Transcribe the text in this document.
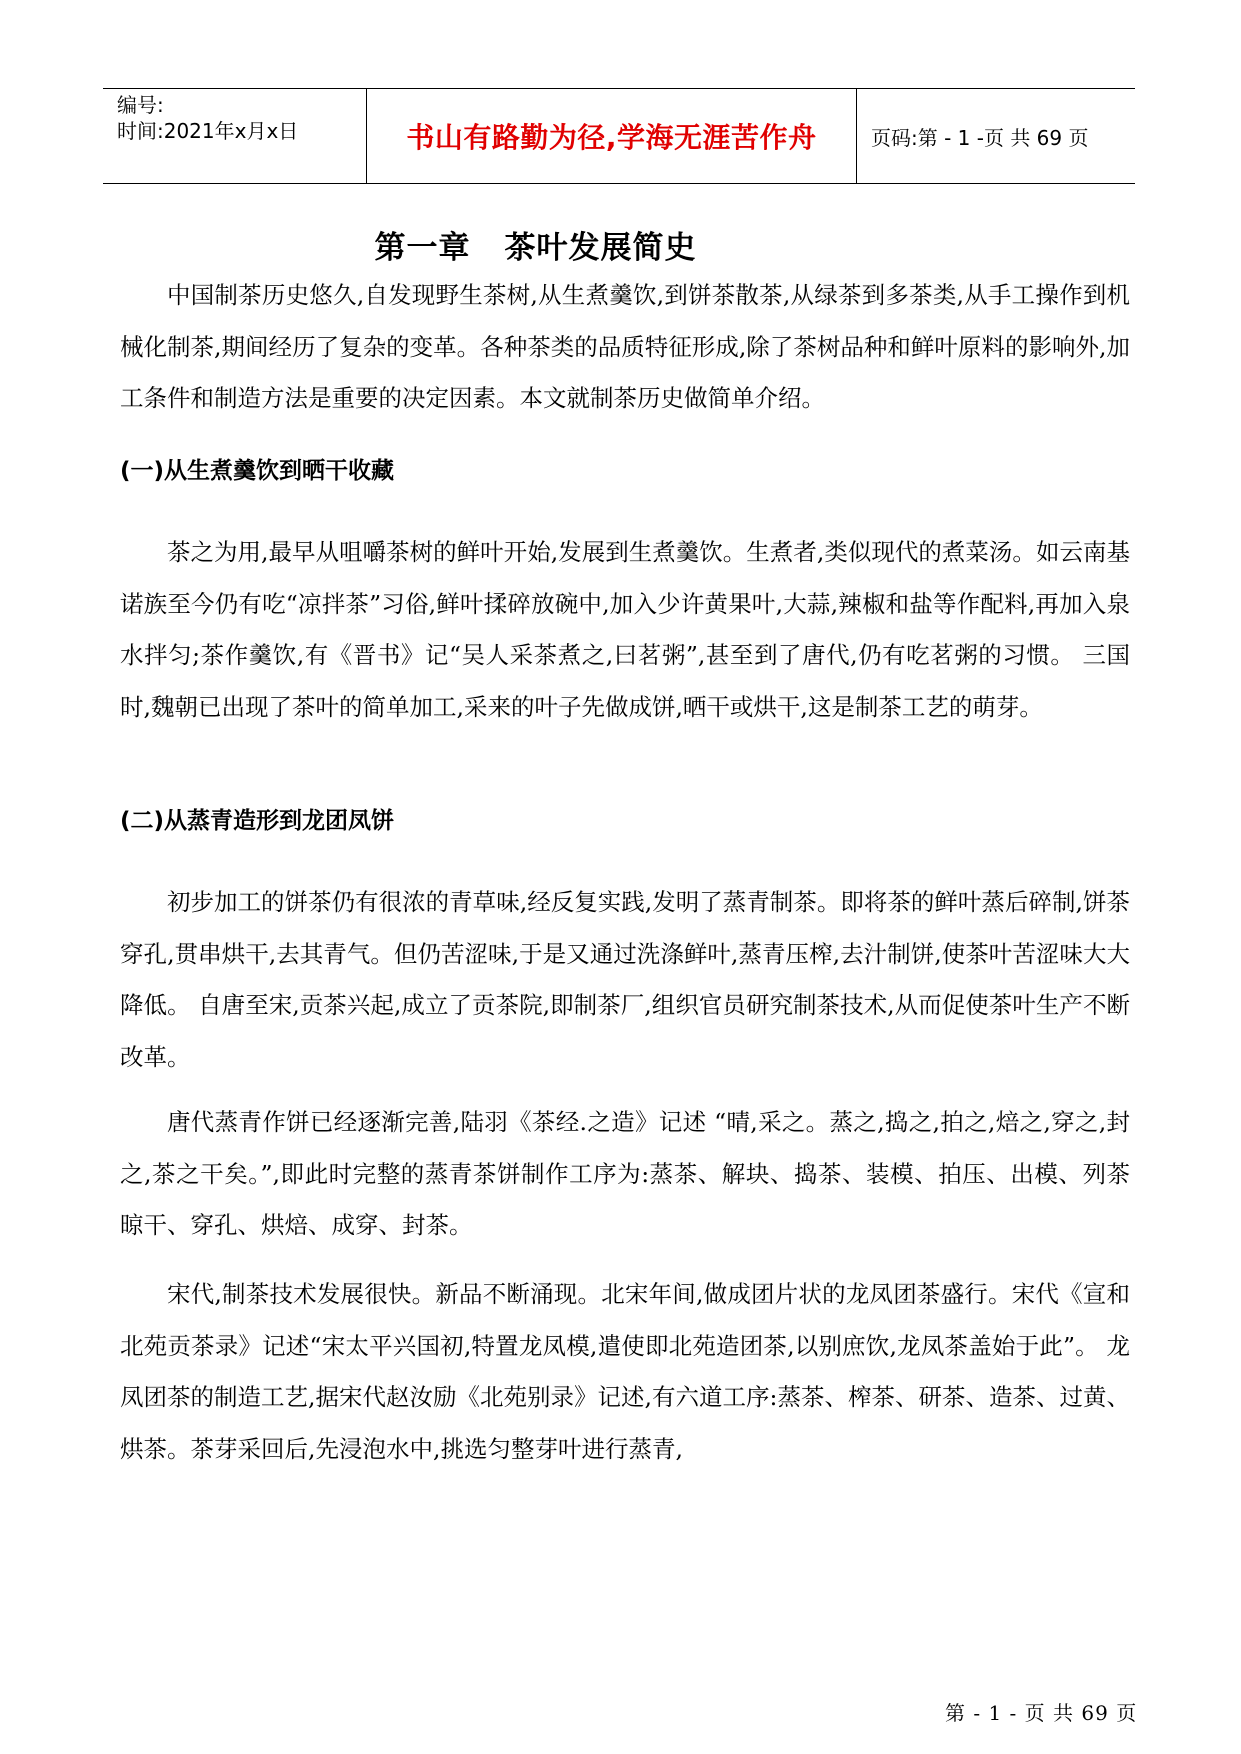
编号:
时间:2021年x月x日	书山有路勤为径,学海无涯苦作舟	页码:第 - 1 -页 共 69 页
第一章 茶叶发展简史

中国制茶历史悠久,自发现野生茶树,从生煮羹饮,到饼茶散茶,从绿茶到多茶类,从手工操作到机械化制茶,期间经历了复杂的变革。各种茶类的品质特征形成,除了茶树品种和鲜叶原料的影响外,加工条件和制造方法是重要的决定因素。本文就制茶历史做简单介绍。

(一)从生煮羹饮到晒干收藏

茶之为用,最早从咀嚼茶树的鲜叶开始,发展到生煮羹饮。生煮者,类似现代的煮菜汤。如云南基诺族至今仍有吃“凉拌茶”习俗,鲜叶揉碎放碗中,加入少许黄果叶,大蒜,辣椒和盐等作配料,再加入泉水拌匀;茶作羹饮,有《晋书》记“吴人采茶煮之,曰茗粥”,甚至到了唐代,仍有吃茗粥的习惯。 三国时,魏朝已出现了茶叶的简单加工,采来的叶子先做成饼,晒干或烘干,这是制茶工艺的萌芽。

(二)从蒸青造形到龙团凤饼

初步加工的饼茶仍有很浓的青草味,经反复实践,发明了蒸青制茶。即将茶的鲜叶蒸后碎制,饼茶穿孔,贯串烘干,去其青气。但仍苦涩味,于是又通过洗涤鲜叶,蒸青压榨,去汁制饼,使茶叶苦涩味大大降低。 自唐至宋,贡茶兴起,成立了贡茶院,即制茶厂,组织官员研究制茶技术,从而促使茶叶生产不断改革。

唐代蒸青作饼已经逐渐完善,陆羽《茶经.之造》记述 “晴,采之。蒸之,捣之,拍之,焙之,穿之,封之,茶之干矣。”,即此时完整的蒸青茶饼制作工序为:蒸茶、解块、捣茶、装模、拍压、出模、列茶晾干、穿孔、烘焙、成穿、封茶。

宋代,制茶技术发展很快。新品不断涌现。北宋年间,做成团片状的龙凤团茶盛行。宋代《宣和北苑贡茶录》记述“宋太平兴国初,特置龙凤模,遣使即北苑造团茶,以别庶饮,龙凤茶盖始于此”。 龙凤团茶的制造工艺,据宋代赵汝励《北苑别录》记述,有六道工序:蒸茶、榨茶、研茶、造茶、过黄、烘茶。茶芽采回后,先浸泡水中,挑选匀整芽叶进行蒸青,

第 - 1 - 页 共 69 页
